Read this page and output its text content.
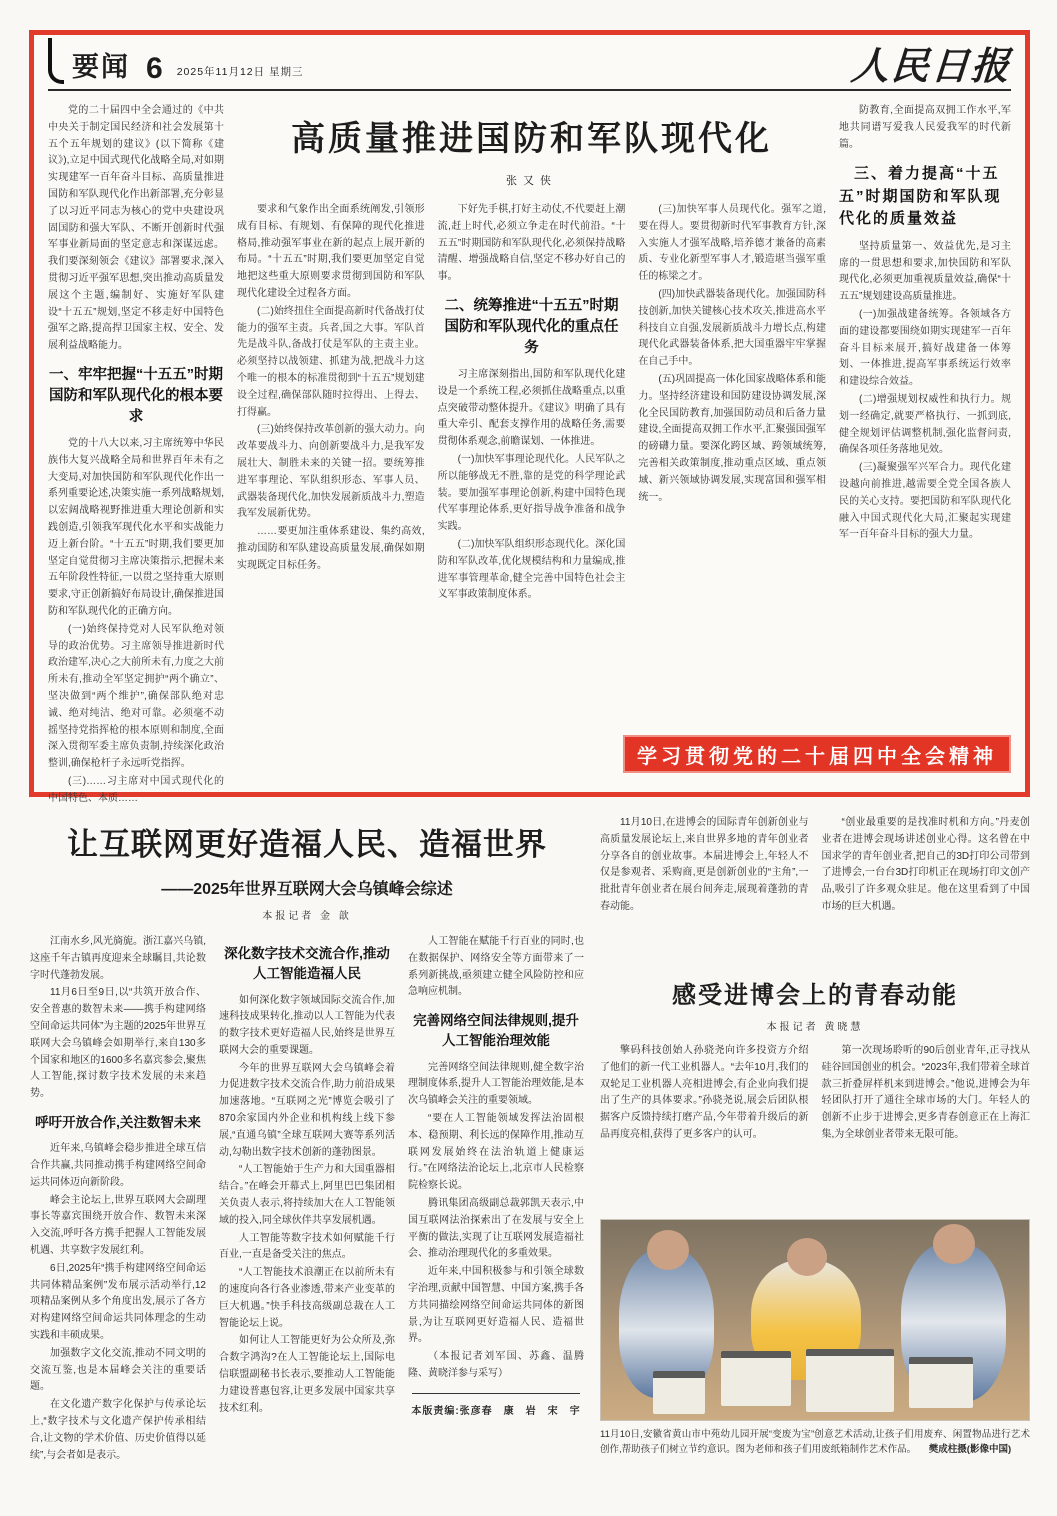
要闻 6 2025年11月12日 星期三	人民日报

党的二十届四中全会通过的《中共中央关于制定国民经济和社会发展第十五个五年规划的建议》(以下简称《建议》),立足中国式现代化战略全局,对如期实现建军一百年奋斗目标、高质量推进国防和军队现代化作出新部署,充分彰显了以习近平同志为核心的党中央建设巩固国防和强大军队、不断开创新时代强军事业新局面的坚定意志和深谋远虑。我们要深刻领会《建议》部署要求,深入贯彻习近平强军思想,突出推动高质量发展这个主题,编制好、实施好军队建设“十五五”规划,坚定不移走好中国特色强军之路,提高捍卫国家主权、安全、发展利益战略能力。

一、牢牢把握“十五五”时期国防和军队现代化的根本要求

党的十八大以来,习主席统筹中华民族伟大复兴战略全局和世界百年未有之大变局,对加快国防和军队现代化作出一系列重要论述,决策实施一系列战略规划,以宏阔战略视野推进重大理论创新和实践创造,引领我军现代化水平和实战能力迈上新台阶。“十五五”时期,我们要更加坚定自觉贯彻习主席决策指示,把握未来五年阶段性特征,一以贯之坚持重大原则要求,守正创新搞好布局设计,确保推进国防和军队现代化的正确方向。

(一)始终保持党对人民军队绝对领导的政治优势。习主席领导推进新时代政治建军,决心之大前所未有,力度之大前所未有,推动全军坚定拥护“两个确立”、坚决做到“两个维护”,确保部队绝对忠诚、绝对纯洁、绝对可靠。必须毫不动摇坚持党指挥枪的根本原则和制度,全面深入贯彻军委主席负责制,持续深化政治整训,确保枪杆子永远听党指挥。

(三)……习主席对中国式现代化的中国特色、本质……

高质量推进国防和军队现代化
张又侠

要求和气象作出全面系统阐发,引领形成有目标、有规划、有保障的现代化推进格局,推动强军事业在新的起点上展开新的布局。“十五五”时期,我们要更加坚定自觉地把这些重大原则要求贯彻到国防和军队现代化建设全过程各方面。

(二)始终扭住全面提高新时代备战打仗能力的强军主责。兵者,国之大事。军队首先是战斗队,备战打仗是军队的主责主业。必须坚持以战领建、抓建为战,把战斗力这个唯一的根本的标准贯彻到“十五五”规划建设全过程,确保部队随时拉得出、上得去、打得赢。

(三)始终保持改革创新的强大动力。向改革要战斗力、向创新要战斗力,是我军发展壮大、制胜未来的关键一招。要统筹推进军事理论、军队组织形态、军事人员、武器装备现代化,加快发展新质战斗力,塑造我军发展新优势。

……要更加注重体系建设、集约高效,推动国防和军队建设高质量发展,确保如期实现既定目标任务。

下好先手棋,打好主动仗,不代要赶上潮流,赶上时代,必须立争走在时代前沿。“十五五”时期国防和军队现代化,必须保持战略清醒、增强战略自信,坚定不移办好自己的事。

二、统筹推进“十五五”时期国防和军队现代化的重点任务

习主席深刻指出,国防和军队现代化建设是一个系统工程,必须抓住战略重点,以重点突破带动整体提升。《建议》明确了具有重大牵引、配套支撑作用的战略任务,需要贯彻体系观念,前瞻谋划、一体推进。

(一)加快军事理论现代化。人民军队之所以能够战无不胜,靠的是党的科学理论武装。要加强军事理论创新,构建中国特色现代军事理论体系,更好指导战争准备和战争实践。

(二)加快军队组织形态现代化。深化国防和军队改革,优化规模结构和力量编成,推进军事管理革命,健全完善中国特色社会主义军事政策制度体系。

(三)加快军事人员现代化。强军之道,要在得人。要贯彻新时代军事教育方针,深入实施人才强军战略,培养德才兼备的高素质、专业化新型军事人才,锻造堪当强军重任的栋梁之才。

(四)加快武器装备现代化。加强国防科技创新,加快关键核心技术攻关,推进高水平科技自立自强,发展新质战斗力增长点,构建现代化武器装备体系,把大国重器牢牢掌握在自己手中。

(五)巩固提高一体化国家战略体系和能力。坚持经济建设和国防建设协调发展,深化全民国防教育,加强国防动员和后备力量建设,全面提高双拥工作水平,汇聚强国强军的磅礴力量。要深化跨区域、跨领域统筹,完善相关政策制度,推动重点区域、重点领域、新兴领域协调发展,实现富国和强军相统一。

防教育,全面提高双拥工作水平,军地共同谱写爱我人民爱我军的时代新篇。

三、着力提高“十五五”时期国防和军队现代化的质量效益

坚持质量第一、效益优先,是习主席的一贯思想和要求,加快国防和军队现代化,必须更加重视质量效益,确保“十五五”规划建设高质量推进。

(一)加强战建备统筹。各领域各方面的建设都要围绕如期实现建军一百年奋斗目标来展开,搞好战建备一体筹划、一体推进,提高军事系统运行效率和建设综合效益。

(二)增强规划权威性和执行力。规划一经确定,就要严格执行、一抓到底,健全规划评估调整机制,强化监督问责,确保各项任务落地见效。

(三)凝聚强军兴军合力。现代化建设越向前推进,越需要全党全国各族人民的关心支持。要把国防和军队现代化融入中国式现代化大局,汇聚起实现建军一百年奋斗目标的强大力量。

学习贯彻党的二十届四中全会精神
让互联网更好造福人民、造福世界
——2025年世界互联网大会乌镇峰会综述
本报记者 金 歆

江南水乡,风光旖旎。浙江嘉兴乌镇,这座千年古镇再度迎来全球瞩目,共论数字时代蓬勃发展。

11月6日至9日,以“共筑开放合作、安全普惠的数智未来——携手构建网络空间命运共同体”为主题的2025年世界互联网大会乌镇峰会如期举行,来自130多个国家和地区的1600多名嘉宾参会,聚焦人工智能,探讨数字技术发展的未来趋势。

呼吁开放合作,关注数智未来

近年来,乌镇峰会稳步推进全球互信合作共赢,共同推动携手构建网络空间命运共同体迈向新阶段。

峰会主论坛上,世界互联网大会副理事长等嘉宾围绕开放合作、数智未来深入交流,呼吁各方携手把握人工智能发展机遇、共享数字发展红利。

6日,2025年“携手构建网络空间命运共同体精品案例”发布展示活动举行,12项精品案例从多个角度出发,展示了各方对构建网络空间命运共同体理念的生动实践和丰硕成果。

加强数字文化交流,推动不同文明的交流互鉴,也是本届峰会关注的重要话题。

在文化遗产数字化保护与传承论坛上,“数字技术与文化遗产保护传承相结合,让文物的学术价值、历史价值得以延续”,与会者如是表示。

深化数字技术交流合作,推动人工智能造福人民

如何深化数字领域国际交流合作,加速科技成果转化,推动以人工智能为代表的数字技术更好造福人民,始终是世界互联网大会的重要课题。

今年的世界互联网大会乌镇峰会着力促进数字技术交流合作,助力前沿成果加速落地。“互联网之光”博览会吸引了870余家国内外企业和机构线上线下参展,“直通乌镇”全球互联网大赛等系列活动,勾勒出数字技术创新的蓬勃图景。

“人工智能始于生产力和大国重器相结合。”在峰会开幕式上,阿里巴巴集团相关负责人表示,将持续加大在人工智能领域的投入,同全球伙伴共享发展机遇。

人工智能等数字技术如何赋能千行百业,一直是备受关注的焦点。

“人工智能技术浪潮正在以前所未有的速度向各行各业渗透,带来产业变革的巨大机遇。”快手科技高级副总裁在人工智能论坛上说。

如何让人工智能更好为公众所及,弥合数字鸿沟?在人工智能论坛上,国际电信联盟副秘书长表示,要推动人工智能能力建设普惠包容,让更多发展中国家共享技术红利。

人工智能在赋能千行百业的同时,也在数据保护、网络安全等方面带来了一系列新挑战,亟须建立健全风险防控和应急响应机制。

完善网络空间法律规则,提升人工智能治理效能

完善网络空间法律规则,健全数字治理制度体系,提升人工智能治理效能,是本次乌镇峰会关注的重要领域。

“要在人工智能领域发挥法治固根本、稳预期、利长远的保障作用,推动互联网发展始终在法治轨道上健康运行。”在网络法治论坛上,北京市人民检察院检察长说。

腾讯集团高级副总裁郭凯天表示,中国互联网法治探索出了在发展与安全上平衡的做法,实现了让互联网发展造福社会、推动治理现代化的多重效果。

近年来,中国积极参与和引领全球数字治理,贡献中国智慧、中国方案,携手各方共同描绘网络空间命运共同体的新图景,为让互联网更好造福人民、造福世界。

（本报记者刘军国、苏鑫、温腾隆、黄晓洋参与采写）

本版责编:张彦春　康　岩　宋　宇

11月10日,在进博会的国际青年创新创业与高质量发展论坛上,来自世界多地的青年创业者分享各自的创业故事。本届进博会上,年轻人不仅是参观者、采购商,更是创新创业的“主角”,一批批青年创业者在展台间奔走,展现着蓬勃的青春动能。

“创业最重要的是找准时机和方向。”丹麦创业者在进博会现场讲述创业心得。这名曾在中国求学的青年创业者,把自己的3D打印公司带到了进博会,一台台3D打印机正在现场打印文创产品,吸引了许多观众驻足。他在这里看到了中国市场的巨大机遇。

感受进博会上的青春动能
本报记者 黄晓慧

擎码科技创始人孙骁尧向许多投资方介绍了他们的新一代工业机器人。“去年10月,我们的双轮足工业机器人亮相进博会,有企业向我们提出了生产的具体要求。”孙骁尧说,展会后团队根据客户反馈持续打磨产品,今年带着升级后的新品再度亮相,获得了更多客户的认可。

第一次现场聆听的90后创业青年,正寻找从硅谷回国创业的机会。“2023年,我们带着全球首款三折叠屏样机来到进博会。”他说,进博会为年轻团队打开了通往全球市场的大门。年轻人的创新不止步于进博会,更多青春创意正在上海汇集,为全球创业者带来无限可能。

11月10日,安徽省黄山市中苑幼儿园开展“变废为宝”创意艺术活动,让孩子们用废弃、闲置物品进行艺术创作,帮助孩子们树立节约意识。图为老师和孩子们用废纸箱制作艺术作品。 樊成柱摄(影像中国)
